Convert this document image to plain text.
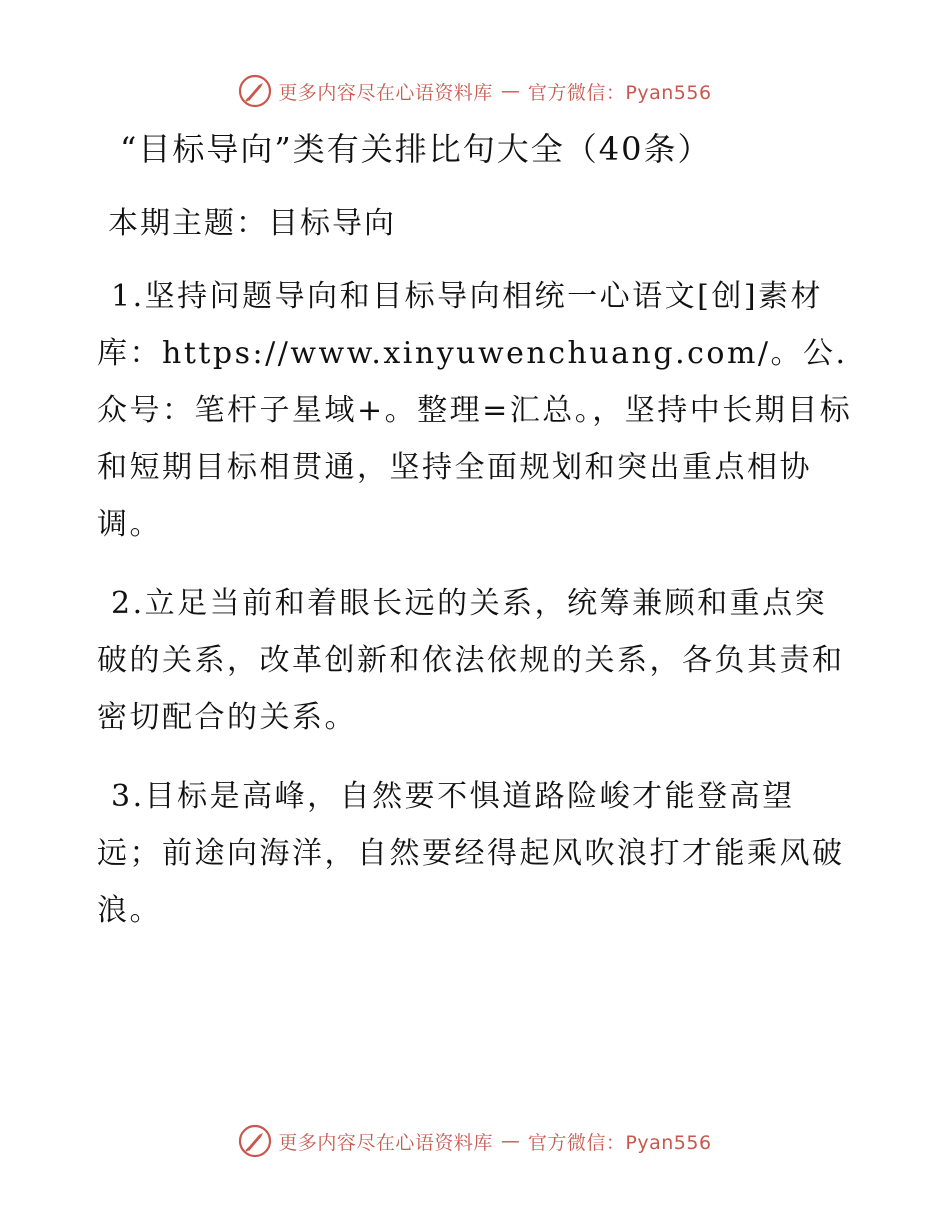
更多内容尽在心语资料库 — 官方微信：Pyan556
“目标导向”类有关排比句大全（40条）
本期主题：目标导向

1.坚持问题导向和目标导向相统一心语文[创]素材库：https://www.xinyuwenchuang.com/。公.众号：笔杆子星域+。整理=汇总。，坚持中长期目标和短期目标相贯通，坚持全面规划和突出重点相协调。

2.立足当前和着眼长远的关系，统筹兼顾和重点突破的关系，改革创新和依法依规的关系，各负其责和密切配合的关系。

3.目标是高峰，自然要不惧道路险峻才能登高望远；前途向海洋，自然要经得起风吹浪打才能乘风破浪。

更多内容尽在心语资料库 — 官方微信：Pyan556
